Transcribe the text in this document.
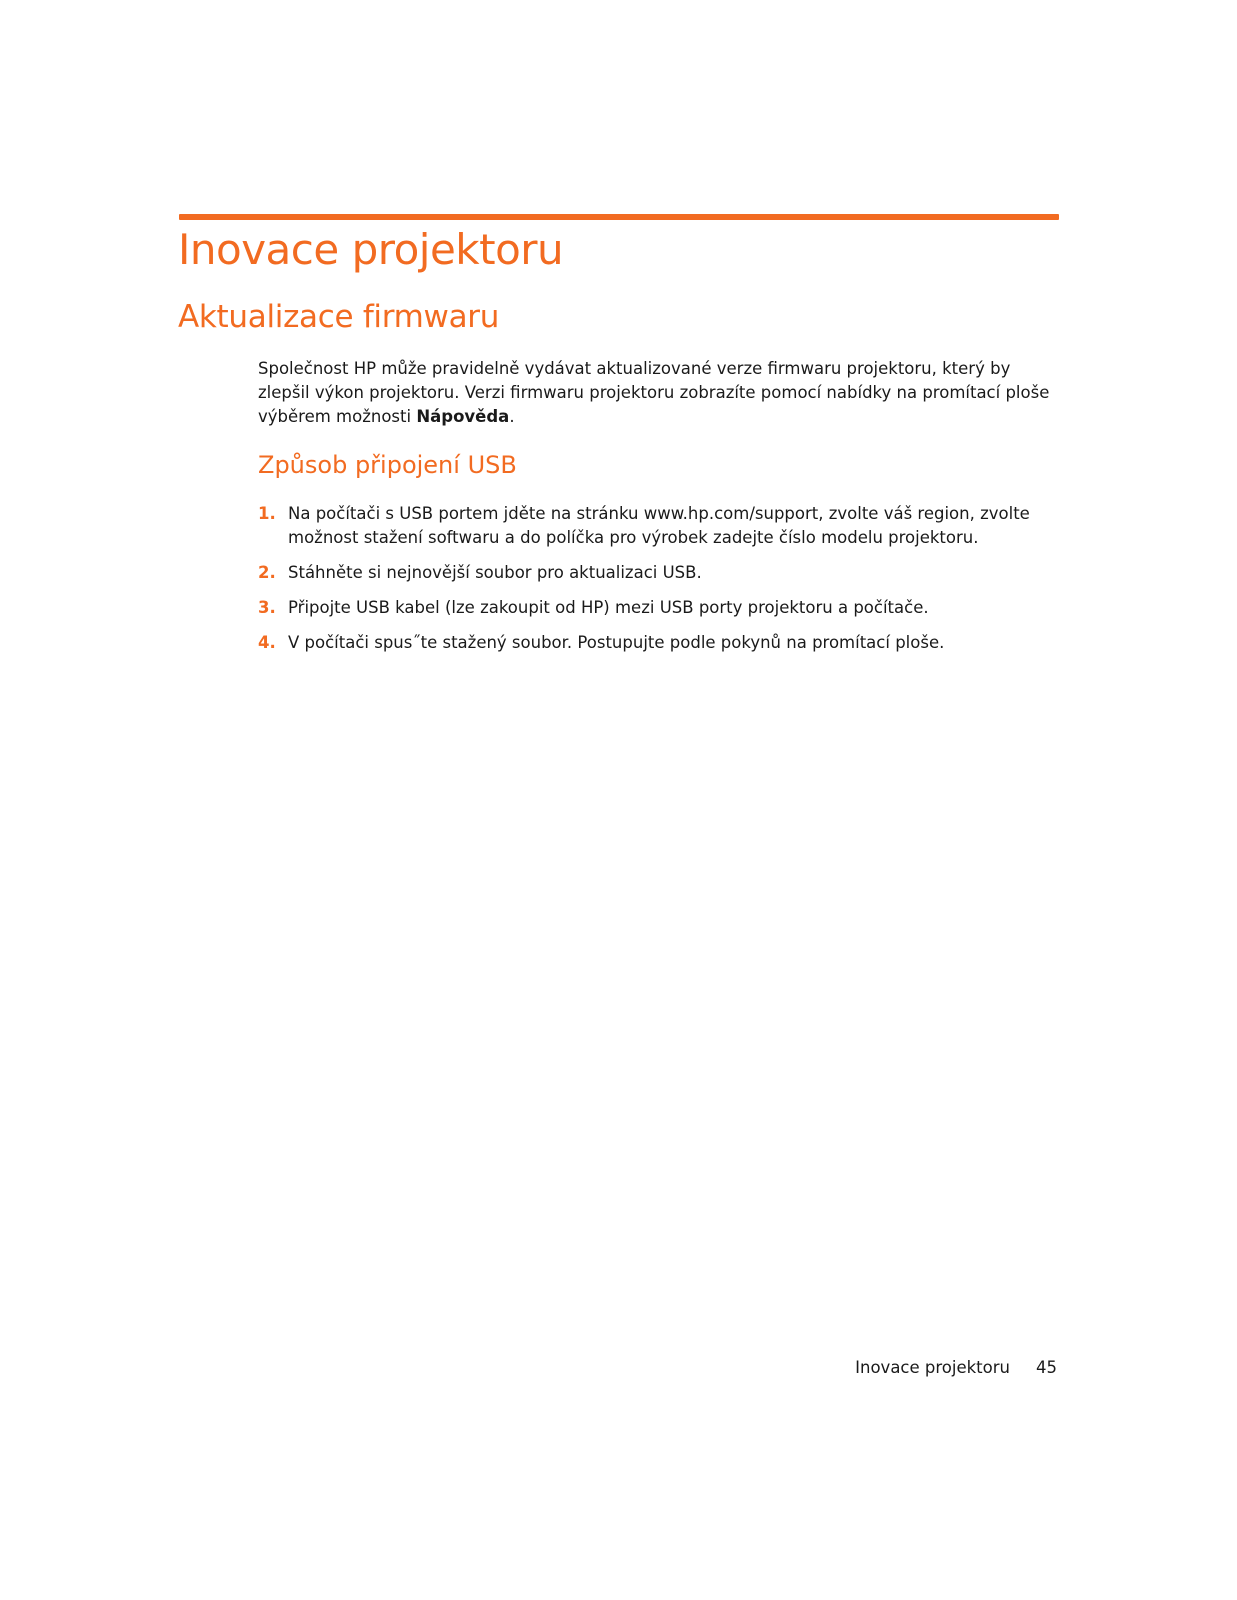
Inovace projektoru
Aktualizace firmwaru

Společnost HP může pravidelně vydávat aktualizované verze firmwaru projektoru, který by zlepšil výkon projektoru. Verzi firmwaru projektoru zobrazíte pomocí nabídky na promítací ploše výběrem možnosti Nápověda.

Způsob připojení USB
1. Na počítači s USB portem jděte na stránku www.hp.com/support, zvolte váš region, zvolte možnost stažení softwaru a do políčka pro výrobek zadejte číslo modelu projektoru.
2. Stáhněte si nejnovější soubor pro aktualizaci USB.
3. Připojte USB kabel (lze zakoupit od HP) mezi USB porty projektoru a počítače.
4. V počítači spus˝te stažený soubor. Postupujte podle pokynů na promítací ploše.
Inovace projektoru 45
